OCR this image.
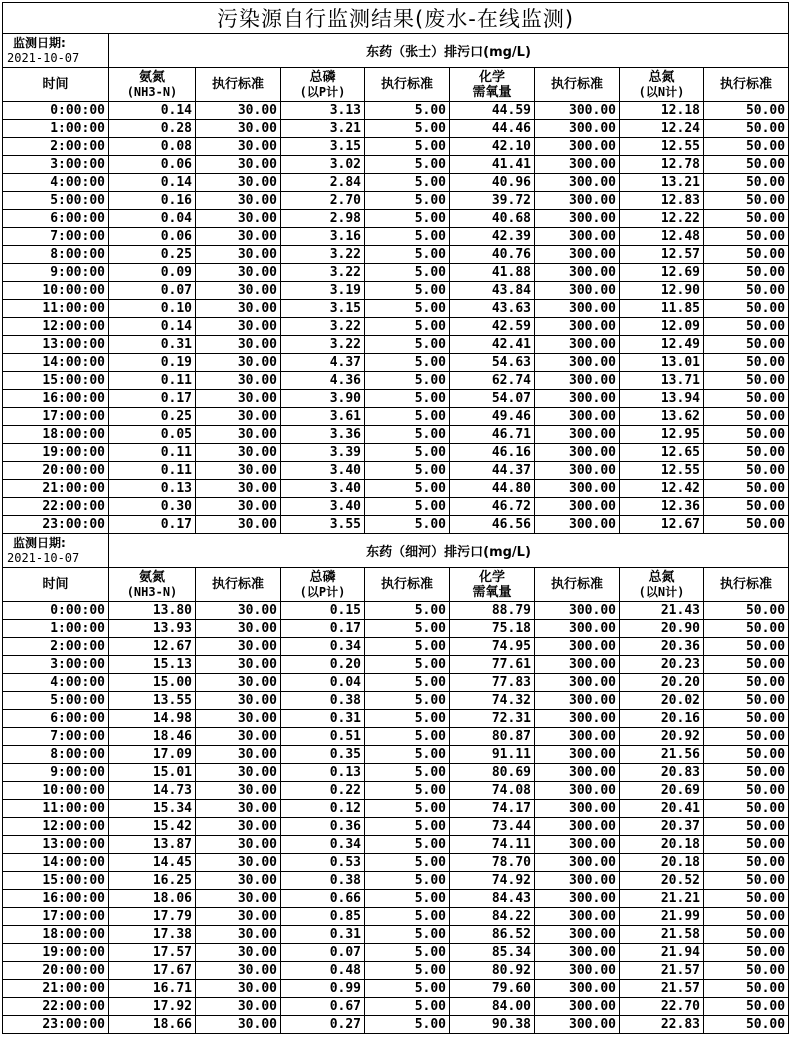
污染源自行监测结果(废水-在线监测)								

监测日期:
2021-10-07	东药（张士）排污口(mg/L)							

时间	氨氮
(NH3-N)	执行标准	总磷
(以P计)	执行标准	化学
需氧量	执行标准	总氮
(以N计)	执行标准

0:00:00	0.14	30.00	3.13	5.00	44.59	300.00	12.18	50.00
1:00:00	0.28	30.00	3.21	5.00	44.46	300.00	12.24	50.00
2:00:00	0.08	30.00	3.15	5.00	42.10	300.00	12.55	50.00
3:00:00	0.06	30.00	3.02	5.00	41.41	300.00	12.78	50.00
4:00:00	0.14	30.00	2.84	5.00	40.96	300.00	13.21	50.00
5:00:00	0.16	30.00	2.70	5.00	39.72	300.00	12.83	50.00
6:00:00	0.04	30.00	2.98	5.00	40.68	300.00	12.22	50.00
7:00:00	0.06	30.00	3.16	5.00	42.39	300.00	12.48	50.00
8:00:00	0.25	30.00	3.22	5.00	40.76	300.00	12.57	50.00
9:00:00	0.09	30.00	3.22	5.00	41.88	300.00	12.69	50.00
10:00:00	0.07	30.00	3.19	5.00	43.84	300.00	12.90	50.00
11:00:00	0.10	30.00	3.15	5.00	43.63	300.00	11.85	50.00
12:00:00	0.14	30.00	3.22	5.00	42.59	300.00	12.09	50.00
13:00:00	0.31	30.00	3.22	5.00	42.41	300.00	12.49	50.00
14:00:00	0.19	30.00	4.37	5.00	54.63	300.00	13.01	50.00
15:00:00	0.11	30.00	4.36	5.00	62.74	300.00	13.71	50.00
16:00:00	0.17	30.00	3.90	5.00	54.07	300.00	13.94	50.00
17:00:00	0.25	30.00	3.61	5.00	49.46	300.00	13.62	50.00
18:00:00	0.05	30.00	3.36	5.00	46.71	300.00	12.95	50.00
19:00:00	0.11	30.00	3.39	5.00	46.16	300.00	12.65	50.00
20:00:00	0.11	30.00	3.40	5.00	44.37	300.00	12.55	50.00
21:00:00	0.13	30.00	3.40	5.00	44.80	300.00	12.42	50.00
22:00:00	0.30	30.00	3.40	5.00	46.72	300.00	12.36	50.00
23:00:00	0.17	30.00	3.55	5.00	46.56	300.00	12.67	50.00

监测日期:
2021-10-07	东药（细河）排污口(mg/L)							

时间	氨氮
(NH3-N)	执行标准	总磷
(以P计)	执行标准	化学
需氧量	执行标准	总氮
(以N计)	执行标准

0:00:00	13.80	30.00	0.15	5.00	88.79	300.00	21.43	50.00
1:00:00	13.93	30.00	0.17	5.00	75.18	300.00	20.90	50.00
2:00:00	12.67	30.00	0.34	5.00	74.95	300.00	20.36	50.00
3:00:00	15.13	30.00	0.20	5.00	77.61	300.00	20.23	50.00
4:00:00	15.00	30.00	0.04	5.00	77.83	300.00	20.20	50.00
5:00:00	13.55	30.00	0.38	5.00	74.32	300.00	20.02	50.00
6:00:00	14.98	30.00	0.31	5.00	72.31	300.00	20.16	50.00
7:00:00	18.46	30.00	0.51	5.00	80.87	300.00	20.92	50.00
8:00:00	17.09	30.00	0.35	5.00	91.11	300.00	21.56	50.00
9:00:00	15.01	30.00	0.13	5.00	80.69	300.00	20.83	50.00
10:00:00	14.73	30.00	0.22	5.00	74.08	300.00	20.69	50.00
11:00:00	15.34	30.00	0.12	5.00	74.17	300.00	20.41	50.00
12:00:00	15.42	30.00	0.36	5.00	73.44	300.00	20.37	50.00
13:00:00	13.87	30.00	0.34	5.00	74.11	300.00	20.18	50.00
14:00:00	14.45	30.00	0.53	5.00	78.70	300.00	20.18	50.00
15:00:00	16.25	30.00	0.38	5.00	74.92	300.00	20.52	50.00
16:00:00	18.06	30.00	0.66	5.00	84.43	300.00	21.21	50.00
17:00:00	17.79	30.00	0.85	5.00	84.22	300.00	21.99	50.00
18:00:00	17.38	30.00	0.31	5.00	86.52	300.00	21.58	50.00
19:00:00	17.57	30.00	0.07	5.00	85.34	300.00	21.94	50.00
20:00:00	17.67	30.00	0.48	5.00	80.92	300.00	21.57	50.00
21:00:00	16.71	30.00	0.99	5.00	79.60	300.00	21.57	50.00
22:00:00	17.92	30.00	0.67	5.00	84.00	300.00	22.70	50.00
23:00:00	18.66	30.00	0.27	5.00	90.38	300.00	22.83	50.00
